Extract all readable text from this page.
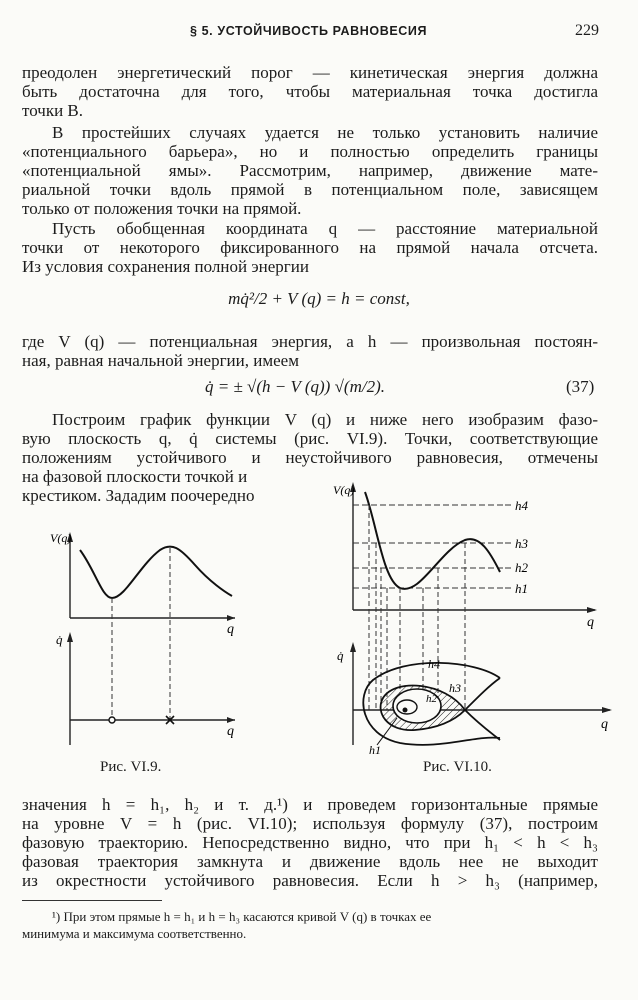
§ 5. УСТОЙЧИВОСТЬ РАВНОВЕСИЯ	229
преодолен энергетический порог — кинетическая энергия должна
быть достаточна для того, чтобы материальная точка достигла
точки B.
В простейших случаях удается не только установить наличие
«потенциального барьера», но и полностью определить границы
«потенциальной ямы». Рассмотрим, например, движение мате-
риальной точки вдоль прямой в потенциальном поле, зависящем
только от положения точки на прямой.
Пусть обобщенная координата q — расстояние материальной
точки от некоторого фиксированного на прямой начала отсчета.
Из условия сохранения полной энергии
mq̇²/2 + V (q) = h = const,
где V (q) — потенциальная энергия, а h — произвольная постоян-
ная, равная начальной энергии, имеем
q̇ = ± √(h − V (q)) √(m/2).	(37)
Построим график функции V (q) и ниже него изобразим фазо-
вую плоскость q, q̇ системы (рис. VI.9). Точки, соответствующие
положениям устойчивого и неустойчивого равновесия, отмечены
на фазовой плоскости точкой и
крестиком. Зададим поочередно
V(q)
q
q̇
q
Рис. VI.9.
V(q)
q
h4
h3
h2
h1
q̇
q
h4
h3
h2
h1
Рис. VI.10.
значения h = h₁, h₂ и т. д.¹) и проведем горизонтальные прямые
на уровне V = h (рис. VI.10); используя формулу (37), построим
фазовую траекторию. Непосредственно видно, что при h₁ < h < h₃
фазовая траектория замкнута и движение вдоль нее не выходит
из окрестности устойчивого равновесия. Если h > h₃ (например,
¹) При этом прямые h = h₁ и h = h₃ касаются кривой V (q) в точках ее
минимума и максимума соответственно.
